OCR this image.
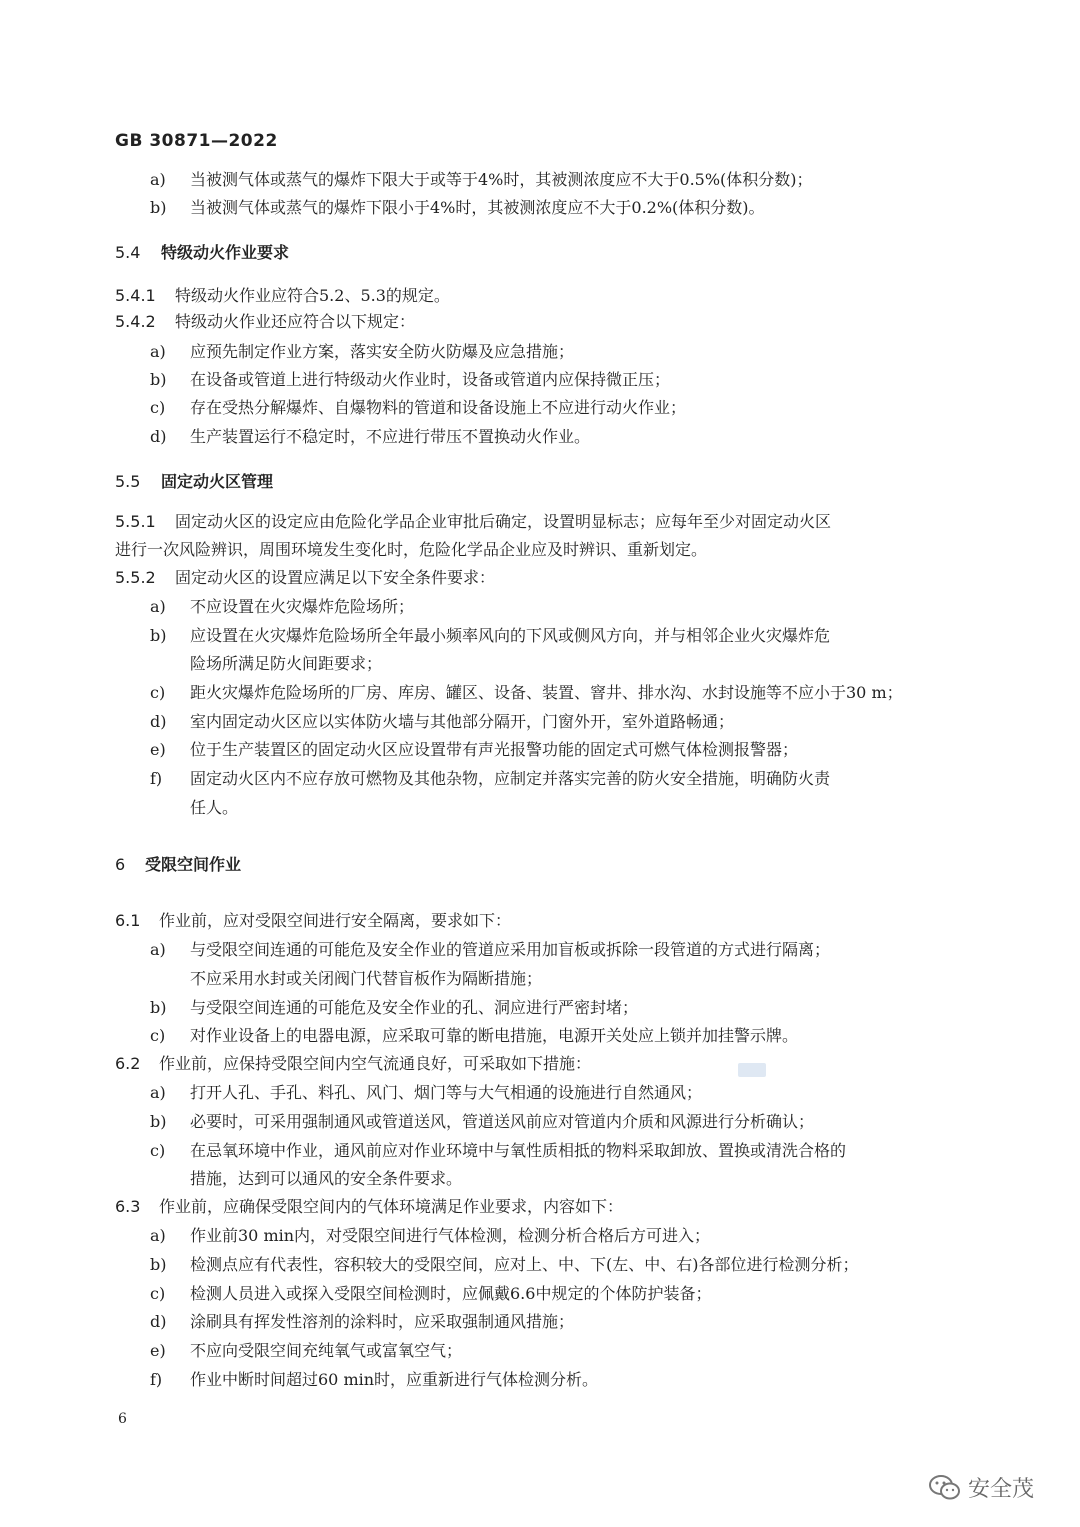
GB 30871—2022
5.4 特级动火作业要求
5.5 固定动火区管理
6 受限空间作业
a) 当被测气体或蒸气的爆炸下限大于或等于4%时，其被测浓度应不大于0.5%(体积分数)；
b) 当被测气体或蒸气的爆炸下限小于4%时，其被测浓度应不大于0.2%(体积分数)。
5.4.1 特级动火作业应符合5.2、5.3的规定。
5.4.2 特级动火作业还应符合以下规定：
a) 应预先制定作业方案，落实安全防火防爆及应急措施；
b) 在设备或管道上进行特级动火作业时，设备或管道内应保持微正压；
c) 存在受热分解爆炸、自爆物料的管道和设备设施上不应进行动火作业；
d) 生产装置运行不稳定时，不应进行带压不置换动火作业。
5.5.1 固定动火区的设定应由危险化学品企业审批后确定，设置明显标志；应每年至少对固定动火区
进行一次风险辨识，周围环境发生变化时，危险化学品企业应及时辨识、重新划定。
5.5.2 固定动火区的设置应满足以下安全条件要求：
a) 不应设置在火灾爆炸危险场所；
b) 应设置在火灾爆炸危险场所全年最小频率风向的下风或侧风方向，并与相邻企业火灾爆炸危
险场所满足防火间距要求；
c) 距火灾爆炸危险场所的厂房、库房、罐区、设备、装置、窨井、排水沟、水封设施等不应小于30 m；
d) 室内固定动火区应以实体防火墙与其他部分隔开，门窗外开，室外道路畅通；
e) 位于生产装置区的固定动火区应设置带有声光报警功能的固定式可燃气体检测报警器；
f) 固定动火区内不应存放可燃物及其他杂物，应制定并落实完善的防火安全措施，明确防火责
任人。
6.1 作业前，应对受限空间进行安全隔离，要求如下：
a) 与受限空间连通的可能危及安全作业的管道应采用加盲板或拆除一段管道的方式进行隔离；
不应采用水封或关闭阀门代替盲板作为隔断措施；
b) 与受限空间连通的可能危及安全作业的孔、洞应进行严密封堵；
c) 对作业设备上的电器电源，应采取可靠的断电措施，电源开关处应上锁并加挂警示牌。
6.2 作业前，应保持受限空间内空气流通良好，可采取如下措施：
a) 打开人孔、手孔、料孔、风门、烟门等与大气相通的设施进行自然通风；
b) 必要时，可采用强制通风或管道送风，管道送风前应对管道内介质和风源进行分析确认；
c) 在忌氧环境中作业，通风前应对作业环境中与氧性质相抵的物料采取卸放、置换或清洗合格的
措施，达到可以通风的安全条件要求。
6.3 作业前，应确保受限空间内的气体环境满足作业要求，内容如下：
a) 作业前30 min内，对受限空间进行气体检测，检测分析合格后方可进入；
b) 检测点应有代表性，容积较大的受限空间，应对上、中、下(左、中、右)各部位进行检测分析；
c) 检测人员进入或探入受限空间检测时，应佩戴6.6中规定的个体防护装备；
d) 涂刷具有挥发性溶剂的涂料时，应采取强制通风措施；
e) 不应向受限空间充纯氧气或富氧空气；
f) 作业中断时间超过60 min时，应重新进行气体检测分析。
6
安全茂
